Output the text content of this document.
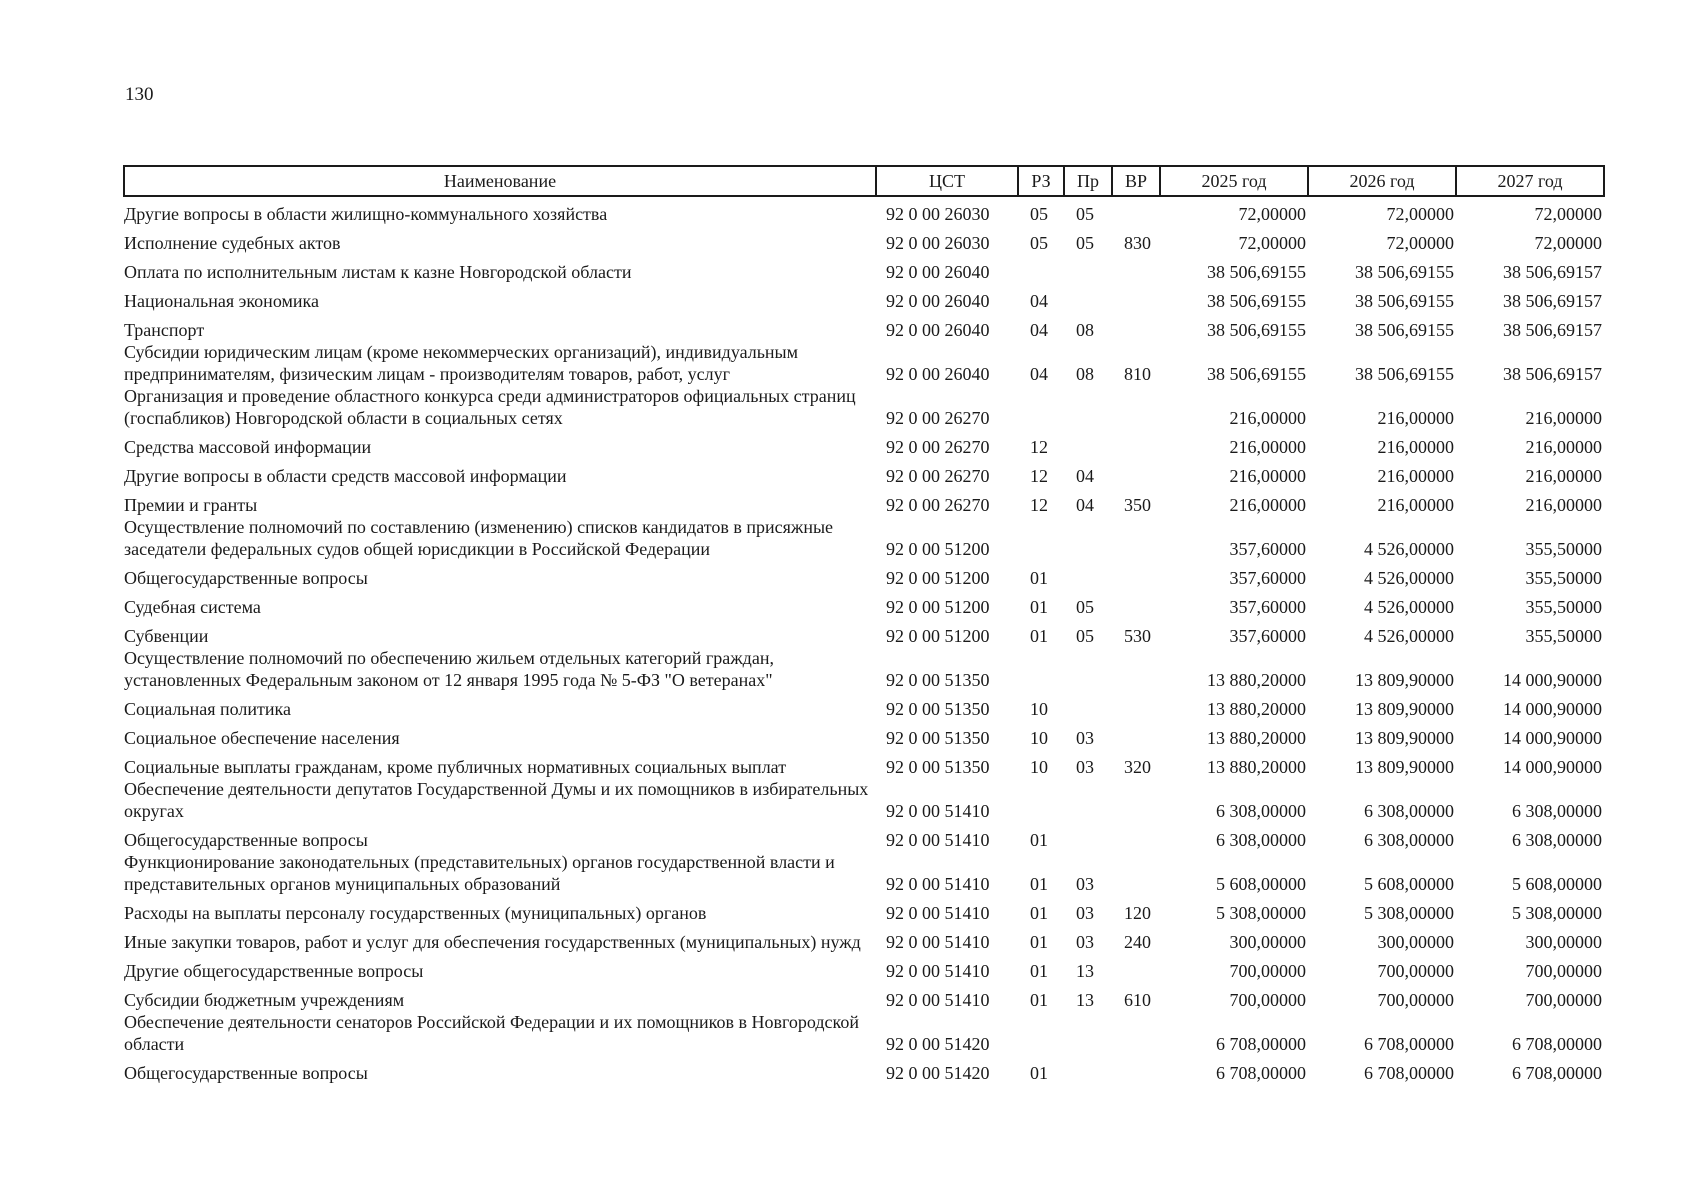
130
Наименование	ЦСТ	РЗ	Пр	ВР	2025 год	2026 год	2027 год
Другие вопросы в области жилищно-коммунального хозяйства	92 0 00 26030	05	05		72,00000	72,00000	72,00000
Исполнение судебных актов	92 0 00 26030	05	05	830	72,00000	72,00000	72,00000
Оплата по исполнительным листам к казне Новгородской области	92 0 00 26040				38 506,69155	38 506,69155	38 506,69157
Национальная экономика	92 0 00 26040	04			38 506,69155	38 506,69155	38 506,69157
Транспорт	92 0 00 26040	04	08		38 506,69155	38 506,69155	38 506,69157
Субсидии юридическим лицам (кроме некоммерческих организаций), индивидуальным предпринимателям, физическим лицам - производителям товаров, работ, услуг	92 0 00 26040	04	08	810	38 506,69155	38 506,69155	38 506,69157
Организация и проведение областного конкурса среди администраторов официальных страниц (госпабликов) Новгородской области в социальных сетях	92 0 00 26270				216,00000	216,00000	216,00000
Средства массовой информации	92 0 00 26270	12			216,00000	216,00000	216,00000
Другие вопросы в области средств массовой информации	92 0 00 26270	12	04		216,00000	216,00000	216,00000
Премии и гранты	92 0 00 26270	12	04	350	216,00000	216,00000	216,00000
Осуществление полномочий по составлению (изменению) списков кандидатов в присяжные заседатели федеральных судов общей юрисдикции в Российской Федерации	92 0 00 51200				357,60000	4 526,00000	355,50000
Общегосударственные вопросы	92 0 00 51200	01			357,60000	4 526,00000	355,50000
Судебная система	92 0 00 51200	01	05		357,60000	4 526,00000	355,50000
Субвенции	92 0 00 51200	01	05	530	357,60000	4 526,00000	355,50000
Осуществление полномочий по обеспечению жильем отдельных категорий граждан, установленных Федеральным законом от 12 января 1995 года № 5-ФЗ "О ветеранах"	92 0 00 51350				13 880,20000	13 809,90000	14 000,90000
Социальная политика	92 0 00 51350	10			13 880,20000	13 809,90000	14 000,90000
Социальное обеспечение населения	92 0 00 51350	10	03		13 880,20000	13 809,90000	14 000,90000
Социальные выплаты гражданам, кроме публичных нормативных социальных выплат	92 0 00 51350	10	03	320	13 880,20000	13 809,90000	14 000,90000
Обеспечение деятельности депутатов Государственной Думы и их помощников в избирательных округах	92 0 00 51410				6 308,00000	6 308,00000	6 308,00000
Общегосударственные вопросы	92 0 00 51410	01			6 308,00000	6 308,00000	6 308,00000
Функционирование законодательных (представительных) органов государственной власти и представительных органов муниципальных образований	92 0 00 51410	01	03		5 608,00000	5 608,00000	5 608,00000
Расходы на выплаты персоналу государственных (муниципальных) органов	92 0 00 51410	01	03	120	5 308,00000	5 308,00000	5 308,00000
Иные закупки товаров, работ и услуг для обеспечения государственных (муниципальных) нужд	92 0 00 51410	01	03	240	300,00000	300,00000	300,00000
Другие общегосударственные вопросы	92 0 00 51410	01	13		700,00000	700,00000	700,00000
Субсидии бюджетным учреждениям	92 0 00 51410	01	13	610	700,00000	700,00000	700,00000
Обеспечение деятельности сенаторов Российской Федерации и их помощников в Новгородской области	92 0 00 51420				6 708,00000	6 708,00000	6 708,00000
Общегосударственные вопросы	92 0 00 51420	01			6 708,00000	6 708,00000	6 708,00000
